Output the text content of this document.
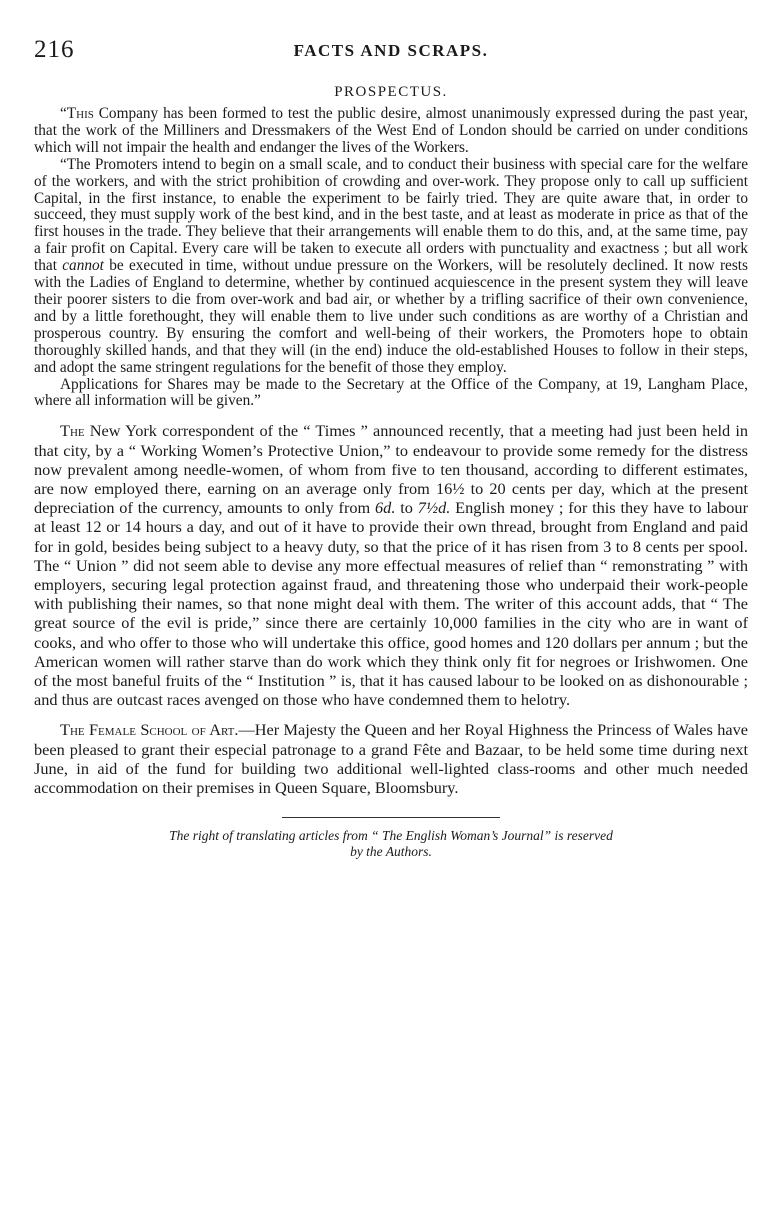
216	FACTS AND SCRAPS.
PROSPECTUS.

“This Company has been formed to test the public desire, almost unanimously expressed during the past year, that the work of the Milliners and Dressmakers of the West End of London should be carried on under conditions which will not impair the health and endanger the lives of the Workers.

“The Promoters intend to begin on a small scale, and to conduct their business with special care for the welfare of the workers, and with the strict prohibition of crowding and over-work. They propose only to call up sufficient Capital, in the first instance, to enable the experiment to be fairly tried. They are quite aware that, in order to succeed, they must supply work of the best kind, and in the best taste, and at least as moderate in price as that of the first houses in the trade. They believe that their arrangements will enable them to do this, and, at the same time, pay a fair profit on Capital. Every care will be taken to execute all orders with punctuality and exactness ; but all work that cannot be executed in time, without undue pressure on the Workers, will be resolutely declined. It now rests with the Ladies of England to determine, whether by continued acquiescence in the present system they will leave their poorer sisters to die from over-work and bad air, or whether by a trifling sacrifice of their own convenience, and by a little forethought, they will enable them to live under such conditions as are worthy of a Christian and prosperous country. By ensuring the comfort and well-being of their workers, the Promoters hope to obtain thoroughly skilled hands, and that they will (in the end) induce the old-established Houses to follow in their steps, and adopt the same stringent regulations for the benefit of those they employ.

Applications for Shares may be made to the Secretary at the Office of the Company, at 19, Langham Place, where all information will be given.”

The New York correspondent of the “ Times ” announced recently, that a meeting had just been held in that city, by a “ Working Women’s Protective Union,” to endeavour to provide some remedy for the distress now prevalent among needle-women, of whom from five to ten thousand, according to different estimates, are now employed there, earning on an average only from 16½ to 20 cents per day, which at the present depreciation of the currency, amounts to only from 6d. to 7½d. English money ; for this they have to labour at least 12 or 14 hours a day, and out of it have to provide their own thread, brought from England and paid for in gold, besides being subject to a heavy duty, so that the price of it has risen from 3 to 8 cents per spool. The “ Union ” did not seem able to devise any more effectual measures of relief than “ remonstrating ” with employers, securing legal protection against fraud, and threatening those who underpaid their work-people with publishing their names, so that none might deal with them. The writer of this account adds, that “ The great source of the evil is pride,” since there are certainly 10,000 families in the city who are in want of cooks, and who offer to those who will undertake this office, good homes and 120 dollars per annum ; but the American women will rather starve than do work which they think only fit for negroes or Irishwomen. One of the most baneful fruits of the “ Institution ” is, that it has caused labour to be looked on as dishonourable ; and thus are outcast races avenged on those who have condemned them to helotry.

The Female School of Art.—Her Majesty the Queen and her Royal Highness the Princess of Wales have been pleased to grant their especial patronage to a grand Fête and Bazaar, to be held some time during next June, in aid of the fund for building two additional well-lighted class-rooms and other much needed accommodation on their premises in Queen Square, Bloomsbury.

The right of translating articles from “ The English Woman’s Journal” is reserved
by the Authors.
